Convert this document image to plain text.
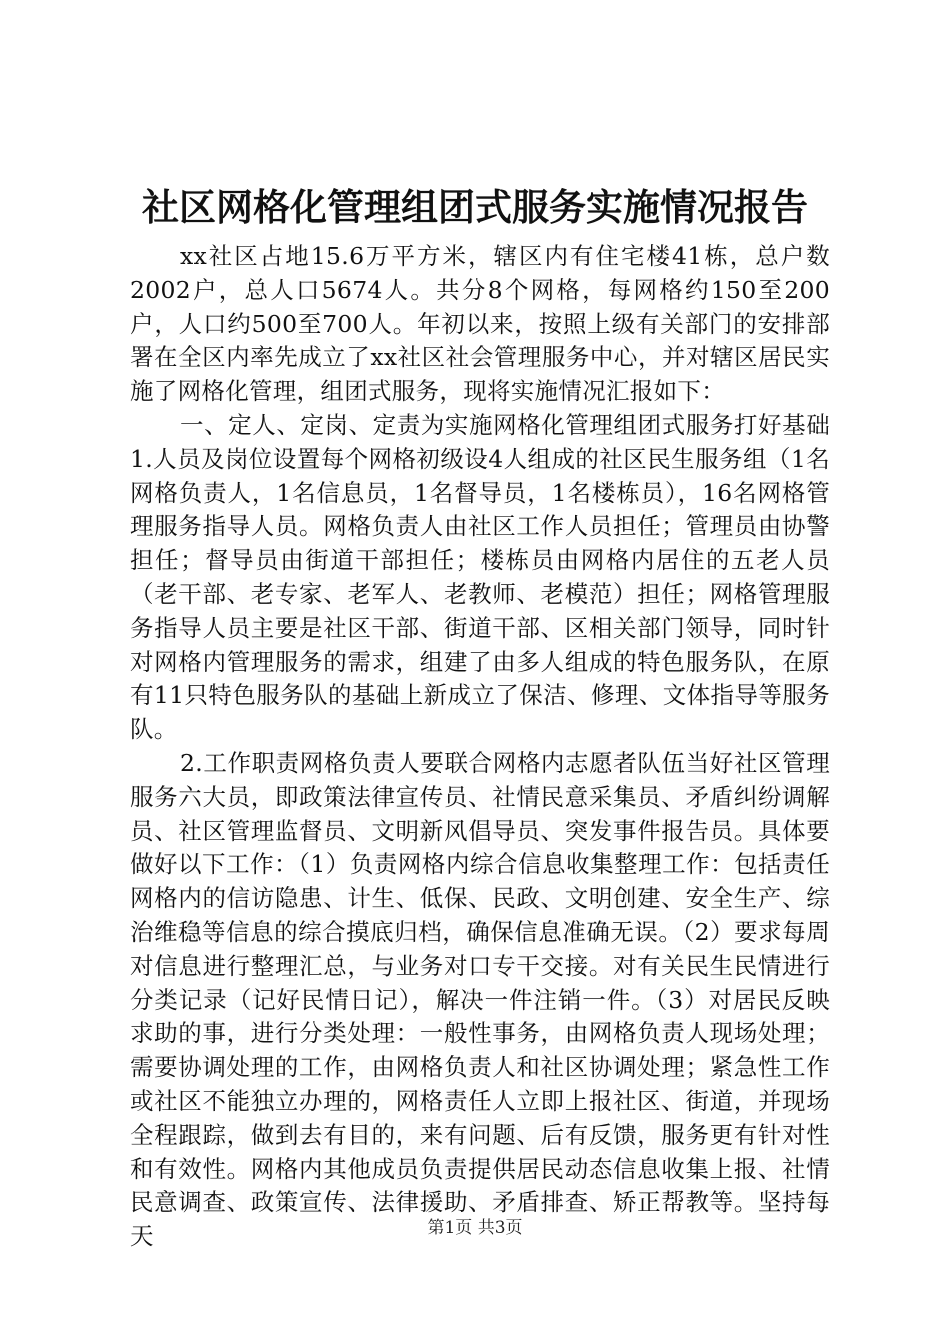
社区网格化管理组团式服务实施情况报告

xx社区占地15.6万平方米，辖区内有住宅楼41栋，总户数2002户，总人口5674人。共分8个网格，每网格约150至200户，人口约500至700人。年初以来，按照上级有关部门的安排部署在全区内率先成立了xx社区社会管理服务中心，并对辖区居民实施了网格化管理，组团式服务，现将实施情况汇报如下：

一、定人、定岗、定责为实施网格化管理组团式服务打好基础1.人员及岗位设置每个网格初级设4人组成的社区民生服务组（1名网格负责人，1名信息员，1名督导员，1名楼栋员），16名网格管理服务指导人员。网格负责人由社区工作人员担任；管理员由协警担任；督导员由街道干部担任；楼栋员由网格内居住的五老人员（老干部、老专家、老军人、老教师、老模范）担任；网格管理服务指导人员主要是社区干部、街道干部、区相关部门领导，同时针对网格内管理服务的需求，组建了由多人组成的特色服务队，在原有11只特色服务队的基础上新成立了保洁、修理、文体指导等服务队。

2.工作职责网格负责人要联合网格内志愿者队伍当好社区管理服务六大员，即政策法律宣传员、社情民意采集员、矛盾纠纷调解员、社区管理监督员、文明新风倡导员、突发事件报告员。具体要做好以下工作：（1）负责网格内综合信息收集整理工作：包括责任网格内的信访隐患、计生、低保、民政、文明创建、安全生产、综治维稳等信息的综合摸底归档，确保信息准确无误。（2）要求每周对信息进行整理汇总，与业务对口专干交接。对有关民生民情进行分类记录（记好民情日记），解决一件注销一件。（3）对居民反映求助的事，进行分类处理：一般性事务，由网格负责人现场处理；需要协调处理的工作，由网格负责人和社区协调处理；紧急性工作或社区不能独立办理的，网格责任人立即上报社区、街道，并现场全程跟踪，做到去有目的，来有问题、后有反馈，服务更有针对性和有效性。网格内其他成员负责提供居民动态信息收集上报、社情民意调查、政策宣传、法律援助、矛盾排查、矫正帮教等。坚持每天	第1页 共3页
